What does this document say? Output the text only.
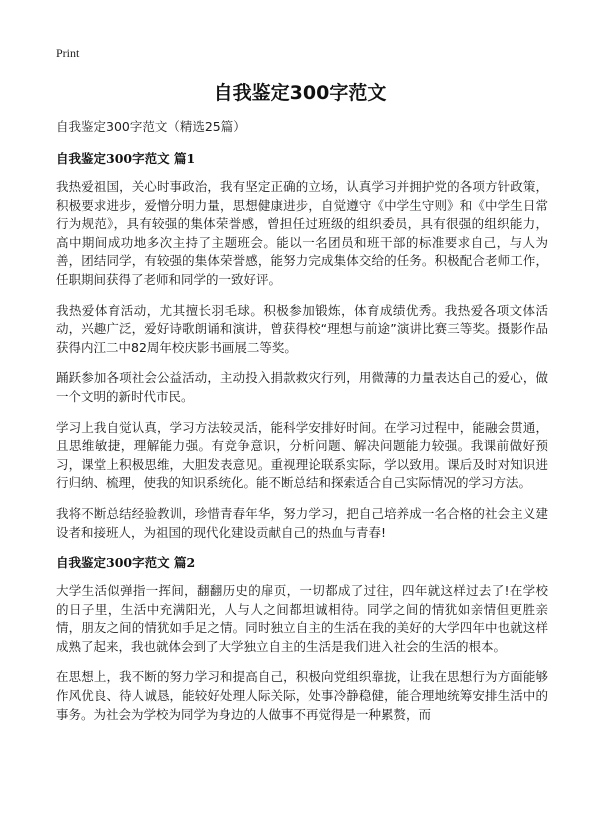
Print
自我鉴定300字范文

自我鉴定300字范文（精选25篇）

自我鉴定300字范文 篇1

我热爱祖国，关心时事政治，我有坚定正确的立场，认真学习并拥护党的各项方针政策，积极要求进步，爱憎分明力量，思想健康进步，自觉遵守《中学生守则》和《中学生日常行为规范》，具有较强的集体荣誉感，曾担任过班级的组织委员，具有很强的组织能力，高中期间成功地多次主持了主题班会。能以一名团员和班干部的标准要求自己，与人为善，团结同学，有较强的集体荣誉感，能努力完成集体交给的任务。积极配合老师工作，任职期间获得了老师和同学的一致好评。

我热爱体育活动，尤其擅长羽毛球。积极参加锻炼，体育成绩优秀。我热爱各项文体活动，兴趣广泛，爱好诗歌朗诵和演讲，曾获得校“理想与前途”演讲比赛三等奖。摄影作品获得内江二中82周年校庆影书画展二等奖。

踊跃参加各项社会公益活动，主动投入捐款救灾行列，用微薄的力量表达自己的爱心，做一个文明的新时代市民。

学习上我自觉认真，学习方法较灵活，能科学安排好时间。在学习过程中，能融会贯通，且思维敏捷，理解能力强。有竞争意识，分析问题、解决问题能力较强。我课前做好预习，课堂上积极思维，大胆发表意见。重视理论联系实际，学以致用。课后及时对知识进行归纳、梳理，使我的知识系统化。能不断总结和探索适合自己实际情况的学习方法。

我将不断总结经验教训，珍惜青春年华，努力学习，把自己培养成一名合格的社会主义建设者和接班人，为祖国的现代化建设贡献自己的热血与青春!

自我鉴定300字范文 篇2

大学生活似弹指一挥间，翻翻历史的扉页，一切都成了过往，四年就这样过去了!在学校的日子里，生活中充满阳光，人与人之间都坦诚相待。同学之间的情犹如亲情但更胜亲情，朋友之间的情犹如手足之情。同时独立自主的生活在我的美好的大学四年中也就这样成熟了起来，我也就体会到了大学独立自主的生活是我们进入社会的生活的根本。

在思想上，我不断的努力学习和提高自己，积极向党组织靠拢，让我在思想行为方面能够作风优良、待人诚恳，能较好处理人际关际，处事冷静稳健，能合理地统筹安排生活中的事务。为社会为学校为同学为身边的人做事不再觉得是一种累赘，而
